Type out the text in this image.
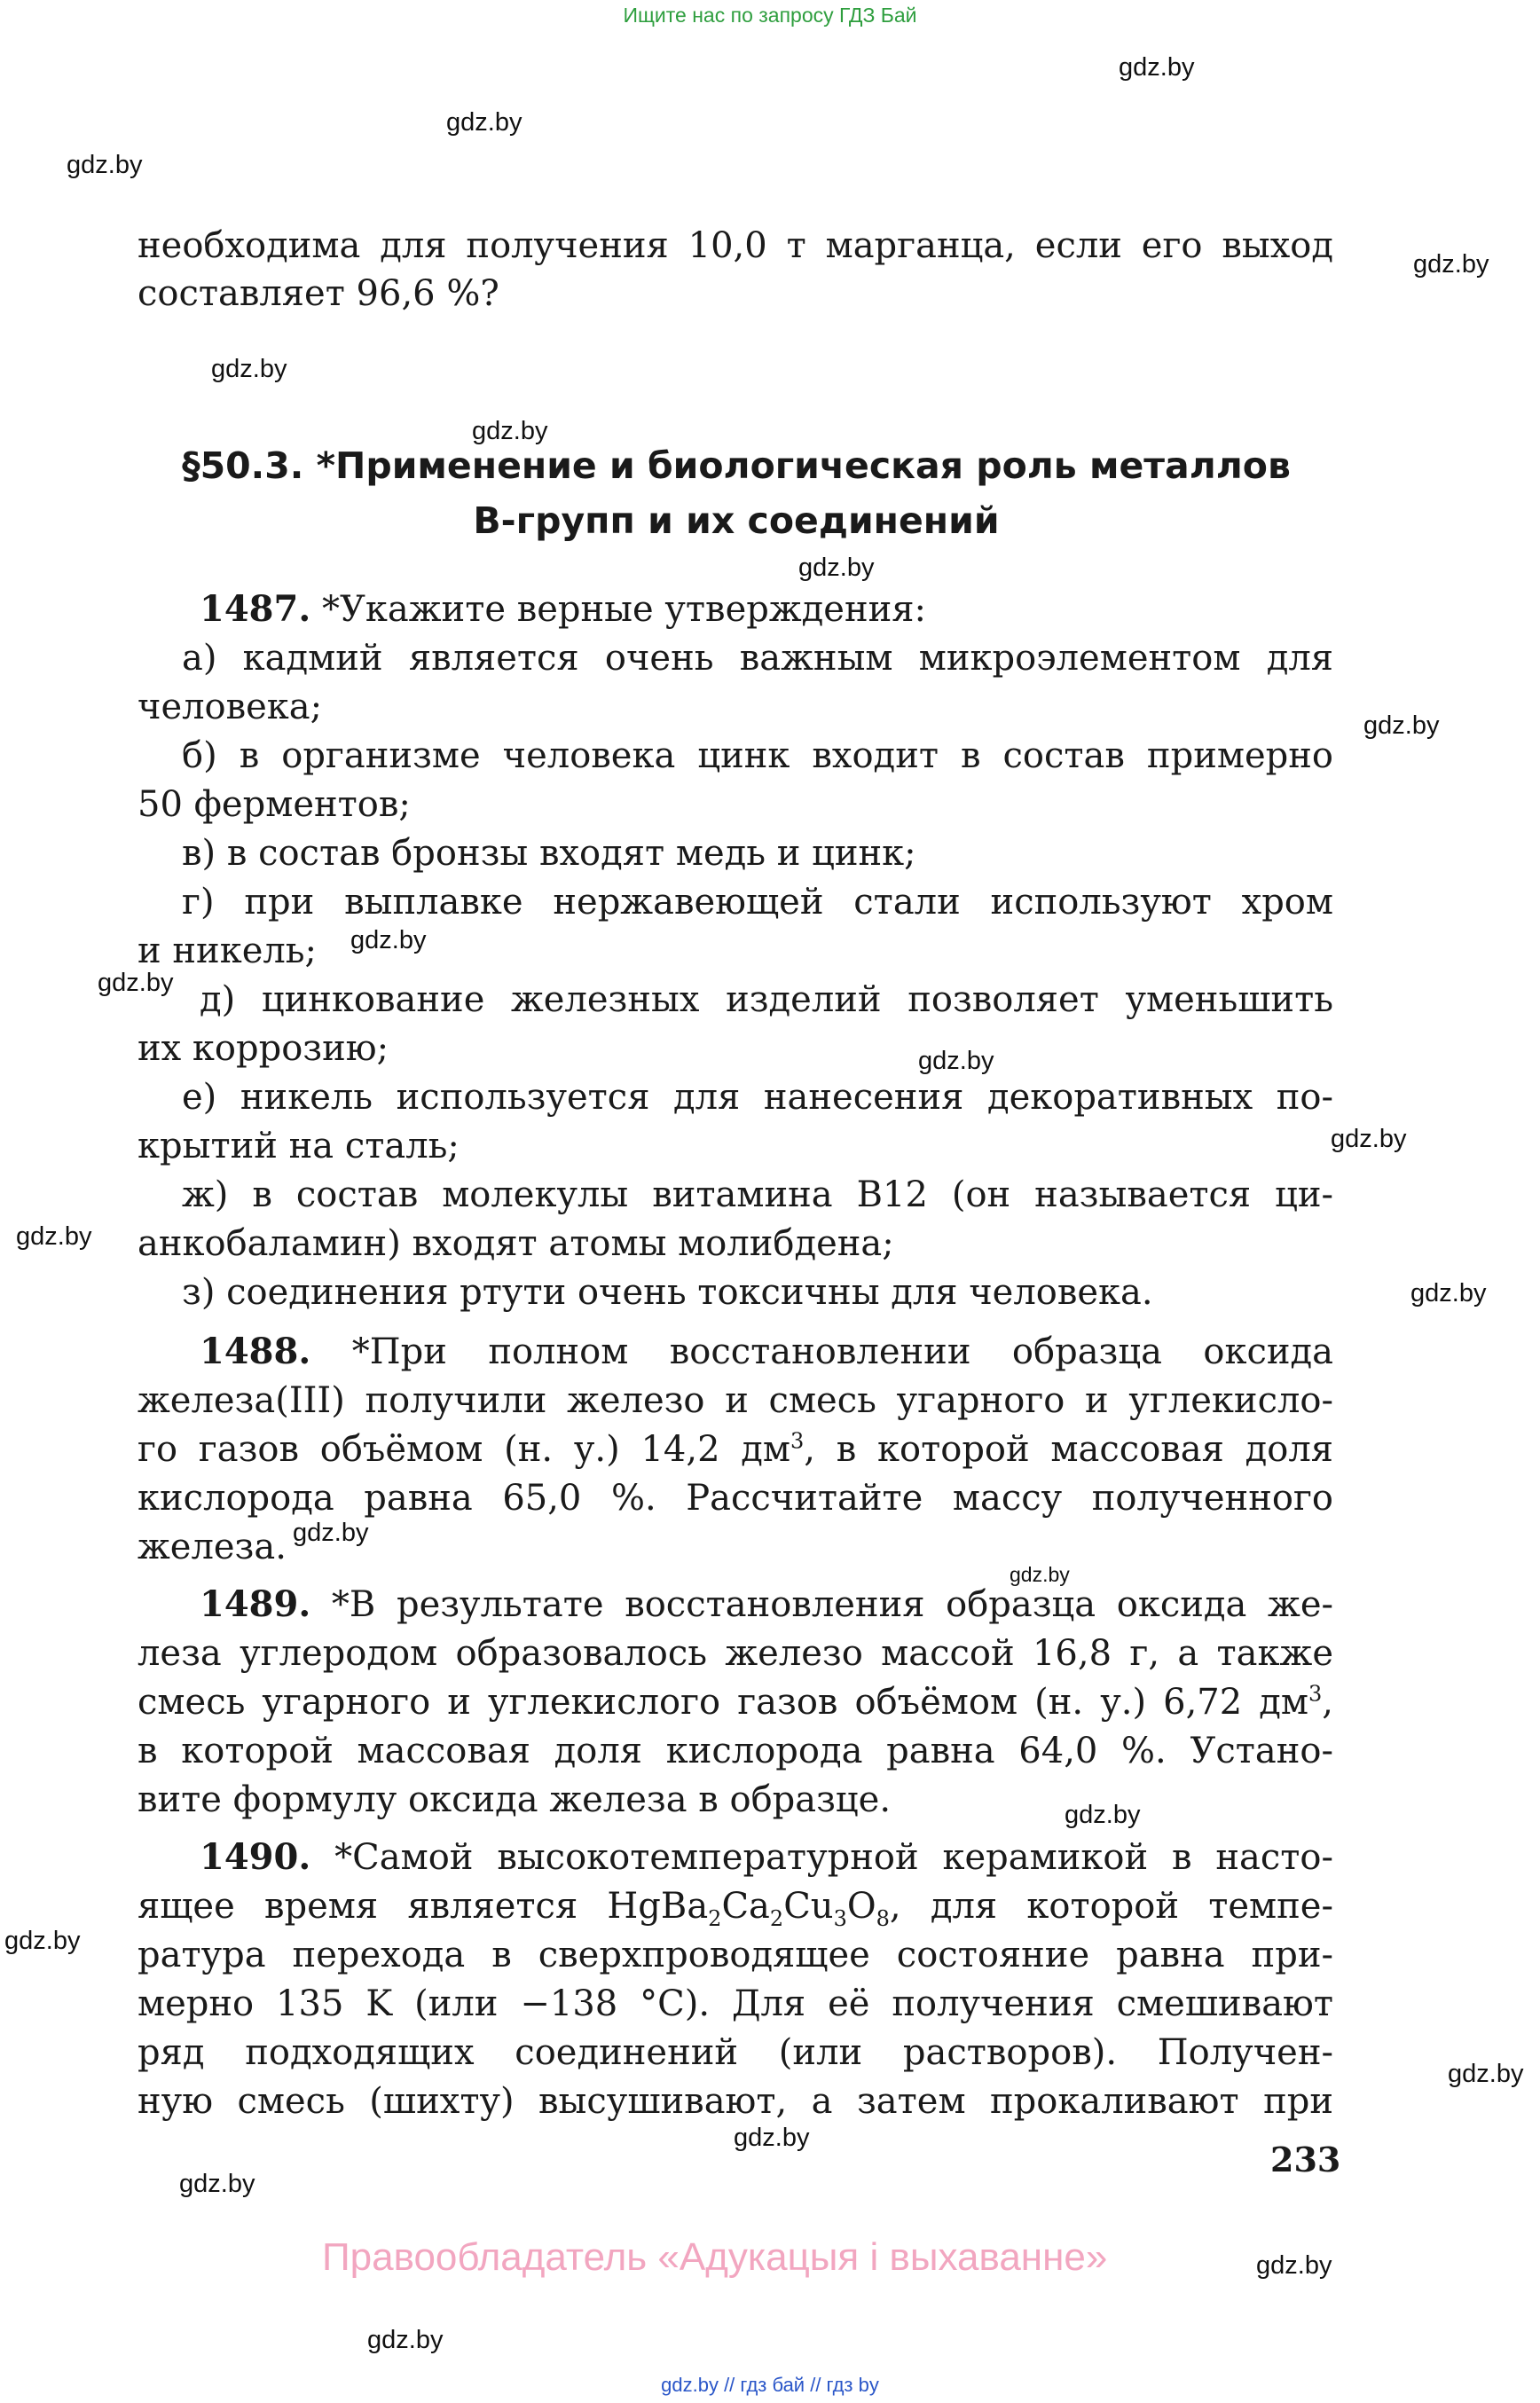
Ищите нас по запросу ГДЗ Бай
gdz.by
gdz.by
gdz.by
gdz.by
gdz.by
gdz.by
gdz.by
gdz.by
gdz.by
gdz.by
gdz.by
gdz.by
gdz.by
gdz.by
gdz.by
gdz.by
gdz.by
gdz.by
gdz.by
gdz.by
gdz.by
gdz.by
gdz.by
необходима для получения 10,0 т марганца, если его выход
составляет 96,6 %?
§50.3. *Применение и биологическая роль металлов
B-групп и их соединений
1487. *Укажите верные утверждения:
а) кадмий является очень важным микроэлементом для
человека;
б) в организме человека цинк входит в состав примерно
50 ферментов;
в) в состав бронзы входят медь и цинк;
г) при выплавке нержавеющей стали используют хром
и никель;
д) цинкование железных изделий позволяет уменьшить
их коррозию;
е) никель используется для нанесения декоративных по-
крытий на сталь;
ж) в состав молекулы витамина B12 (он называется ци-
анкобаламин) входят атомы молибдена;
з) соединения ртути очень токсичны для человека.
1488. *При полном восстановлении образца оксида
железа(III) получили железо и смесь угарного и углекисло-
го газов объёмом (н. у.) 14,2 $дм^3$, в которой массовая доля
кислорода равна 65,0 %. Рассчитайте массу полученного
железа.
1489. *В результате восстановления образца оксида же-
леза углеродом образовалось железо массой 16,8 г, а также
смесь угарного и углекислого газов объёмом (н. у.) 6,72 $дм^3$,
в которой массовая доля кислорода равна 64,0 %. Устано-
вите формулу оксида железа в образце.
1490. *Самой высокотемпературной керамикой в насто-
ящее время является $HgBa_2Ca_2Cu_3O_8$, для которой темпе-
ратура перехода в сверхпроводящее состояние равна при-
мерно 135 K (или −138 °C). Для её получения смешивают
ряд подходящих соединений (или растворов). Получен-
ную смесь (шихту) высушивают, а затем прокаливают при
233
Правообладатель «Адукацыя і выхаванне»
gdz.by // гдз бай // гдз by
